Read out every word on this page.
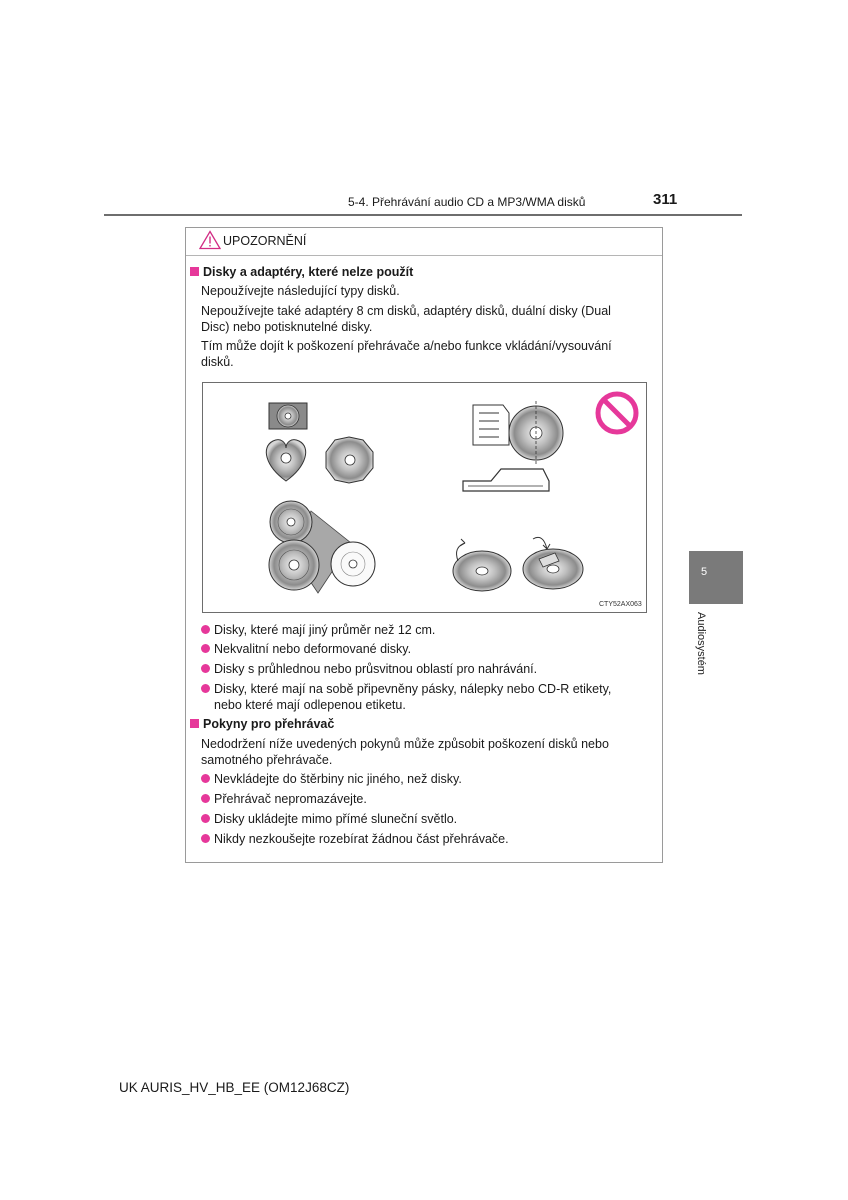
5-4. Přehrávání audio CD a MP3/WMA disků	311
5
Audiosystém
UPOZORNĚNÍ
Disky a adaptéry, které nelze použít
Nepoužívejte následující typy disků.
Nepoužívejte také adaptéry 8 cm disků, adaptéry disků, duální disky (Dual
Disc) nebo potisknutelné disky.
Tím může dojít k poškození přehrávače a/nebo funkce vkládání/vysouvání
disků.
CTY52AX063
Disky, které mají jiný průměr než 12 cm.
Nekvalitní nebo deformované disky.
Disky s průhlednou nebo průsvitnou oblastí pro nahrávání.
Disky, které mají na sobě připevněny pásky, nálepky nebo CD-R etikety,
nebo které mají odlepenou etiketu.
Pokyny pro přehrávač
Nedodržení níže uvedených pokynů může způsobit poškození disků nebo
samotného přehrávače.
Nevkládejte do štěrbiny nic jiného, než disky.
Přehrávač nepromazávejte.
Disky ukládejte mimo přímé sluneční světlo.
Nikdy nezkoušejte rozebírat žádnou část přehrávače.
UK AURIS_HV_HB_EE (OM12J68CZ)
